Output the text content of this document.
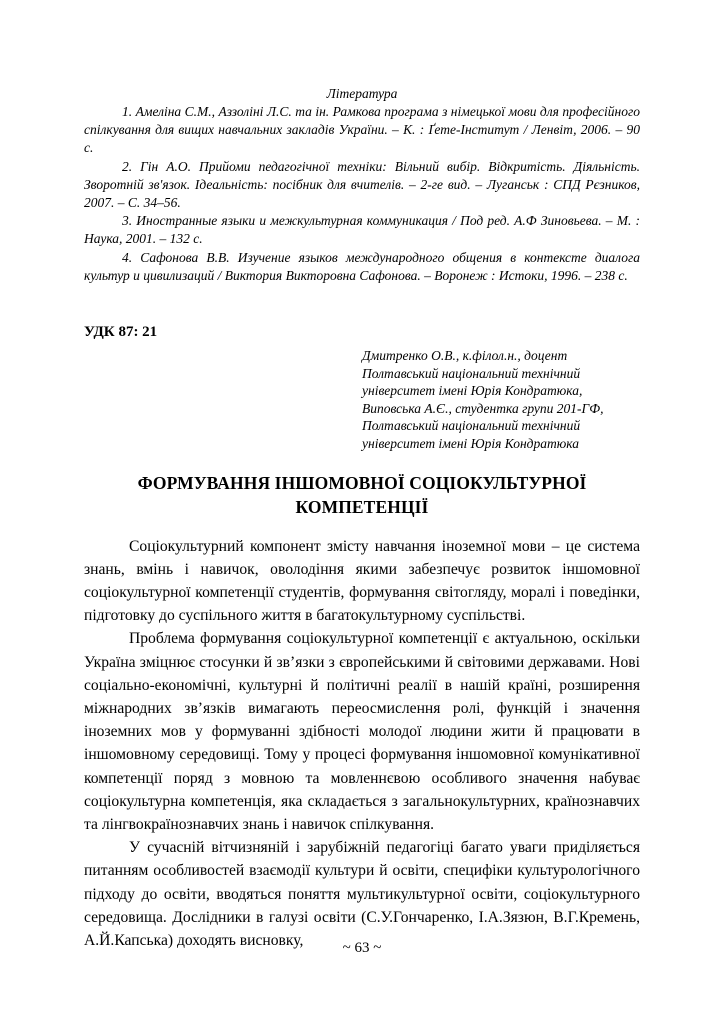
Література

1. Амеліна С.М., Аззоліні Л.С. та ін. Рамкова програма з німецької мови для професійного спілкування для вищих навчальних закладів України. – К. : Ґете-Інститут / Ленвіт, 2006. – 90 с.

2. Гін А.О. Прийоми педагогічної техніки: Вільний вибір. Відкритість. Діяльність. Зворотній зв'язок. Ідеальність: посібник для вчителів. – 2-ге вид. – Луганськ : СПД Рєзников, 2007. – С. 34–56.

3. Иностранные языки и межкультурная коммуникация / Под ред. А.Ф Зиновьева. – М. : Наука, 2001. – 132 с.

4. Сафонова В.В. Изучение языков международного общения в контексте диалога культур и цивилизаций / Виктория Викторовна Сафонова. – Воронеж : Истоки, 1996. – 238 с.

УДК 87: 21
Дмитренко О.В., к.філол.н., доцент
Полтавський національний технічний
університет імені Юрія Кондратюка,
Виповська А.Є., студентка групи 201-ГФ,
Полтавський національний технічний
університет імені Юрія Кондратюка
ФОРМУВАННЯ ІНШОМОВНОЇ СОЦІОКУЛЬТУРНОЇ КОМПЕТЕНЦІЇ

Соціокультурний компонент змісту навчання іноземної мови – це система знань, вмінь і навичок, оволодіння якими забезпечує розвиток іншомовної соціокультурної компетенції студентів, формування світогляду, моралі і поведінки, підготовку до суспільного життя в багатокультурному суспільстві.

Проблема формування соціокультурної компетенції є актуальною, оскільки Україна зміцнює стосунки й зв’язки з європейськими й світовими державами. Нові соціально-економічні, культурні й політичні реалії в нашій країні, розширення міжнародних зв’язків вимагають переосмислення ролі, функцій і значення іноземних мов у формуванні здібності молодої людини жити й працювати в іншомовному середовищі. Тому у процесі формування іншомовної комунікативної компетенції поряд з мовною та мовленнєвою особливого значення набуває соціокультурна компетенція, яка складається з загальнокультурних, країнознавчих та лінгвокраїнознавчих знань і навичок спілкування.

У сучасній вітчизняній і зарубіжній педагогіці багато уваги приділяється питанням особливостей взаємодії культури й освіти, специфіки культурологічного підходу до освіти, вводяться поняття мультикультурної освіти, соціокультурного середовища. Дослідники в галузі освіти (С.У.Гончаренко, І.А.Зязюн, В.Г.Кремень, А.Й.Капська) доходять висновку,	~ 63 ~
